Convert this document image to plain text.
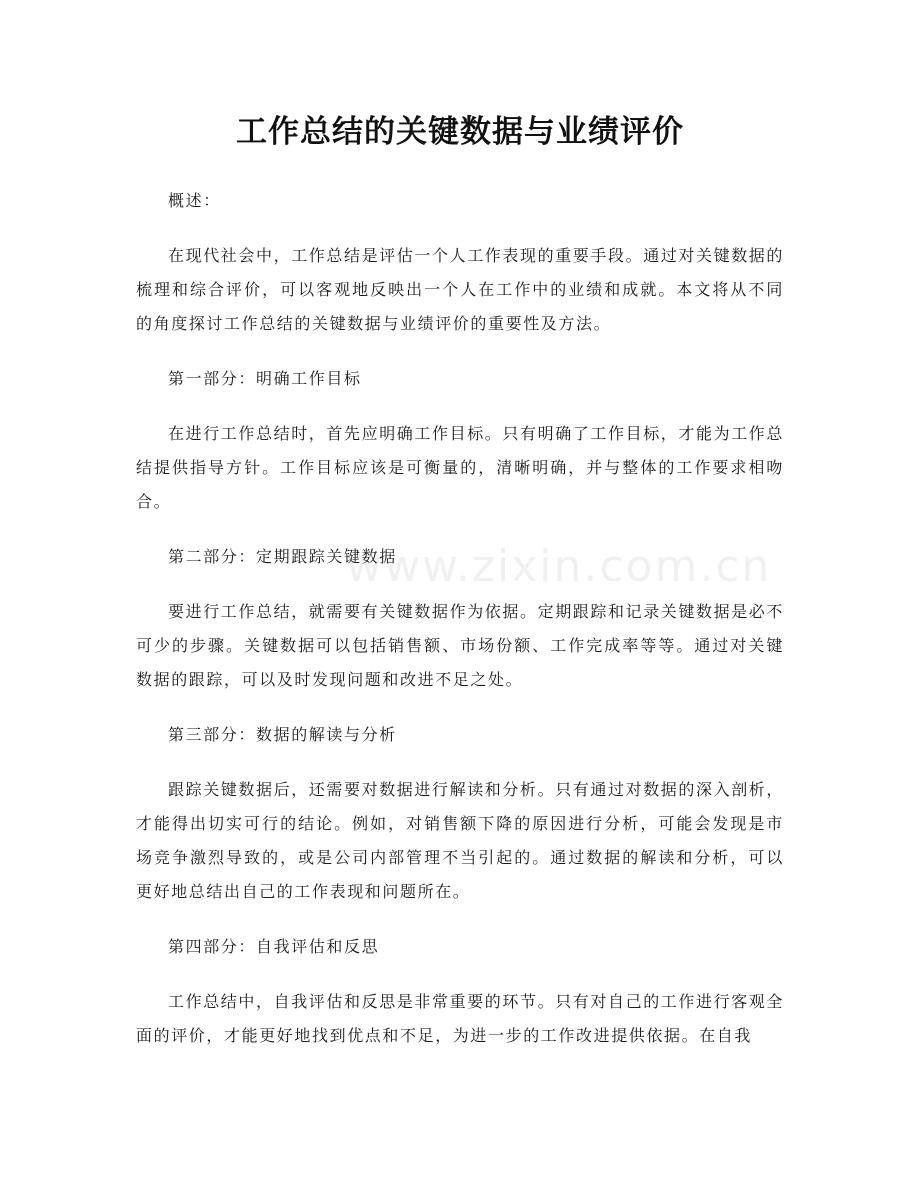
www.zixin.com.cn
工作总结的关键数据与业绩评价

概述：

在现代社会中，工作总结是评估一个人工作表现的重要手段。通过对关键数据的梳理和综合评价，可以客观地反映出一个人在工作中的业绩和成就。本文将从不同的角度探讨工作总结的关键数据与业绩评价的重要性及方法。

第一部分：明确工作目标

在进行工作总结时，首先应明确工作目标。只有明确了工作目标，才能为工作总结提供指导方针。工作目标应该是可衡量的，清晰明确，并与整体的工作要求相吻合。

第二部分：定期跟踪关键数据

要进行工作总结，就需要有关键数据作为依据。定期跟踪和记录关键数据是必不可少的步骤。关键数据可以包括销售额、市场份额、工作完成率等等。通过对关键数据的跟踪，可以及时发现问题和改进不足之处。

第三部分：数据的解读与分析

跟踪关键数据后，还需要对数据进行解读和分析。只有通过对数据的深入剖析，才能得出切实可行的结论。例如，对销售额下降的原因进行分析，可能会发现是市场竞争激烈导致的，或是公司内部管理不当引起的。通过数据的解读和分析，可以更好地总结出自己的工作表现和问题所在。

第四部分：自我评估和反思

工作总结中，自我评估和反思是非常重要的环节。只有对自己的工作进行客观全面的评价，才能更好地找到优点和不足，为进一步的工作改进提供依据。在自我
